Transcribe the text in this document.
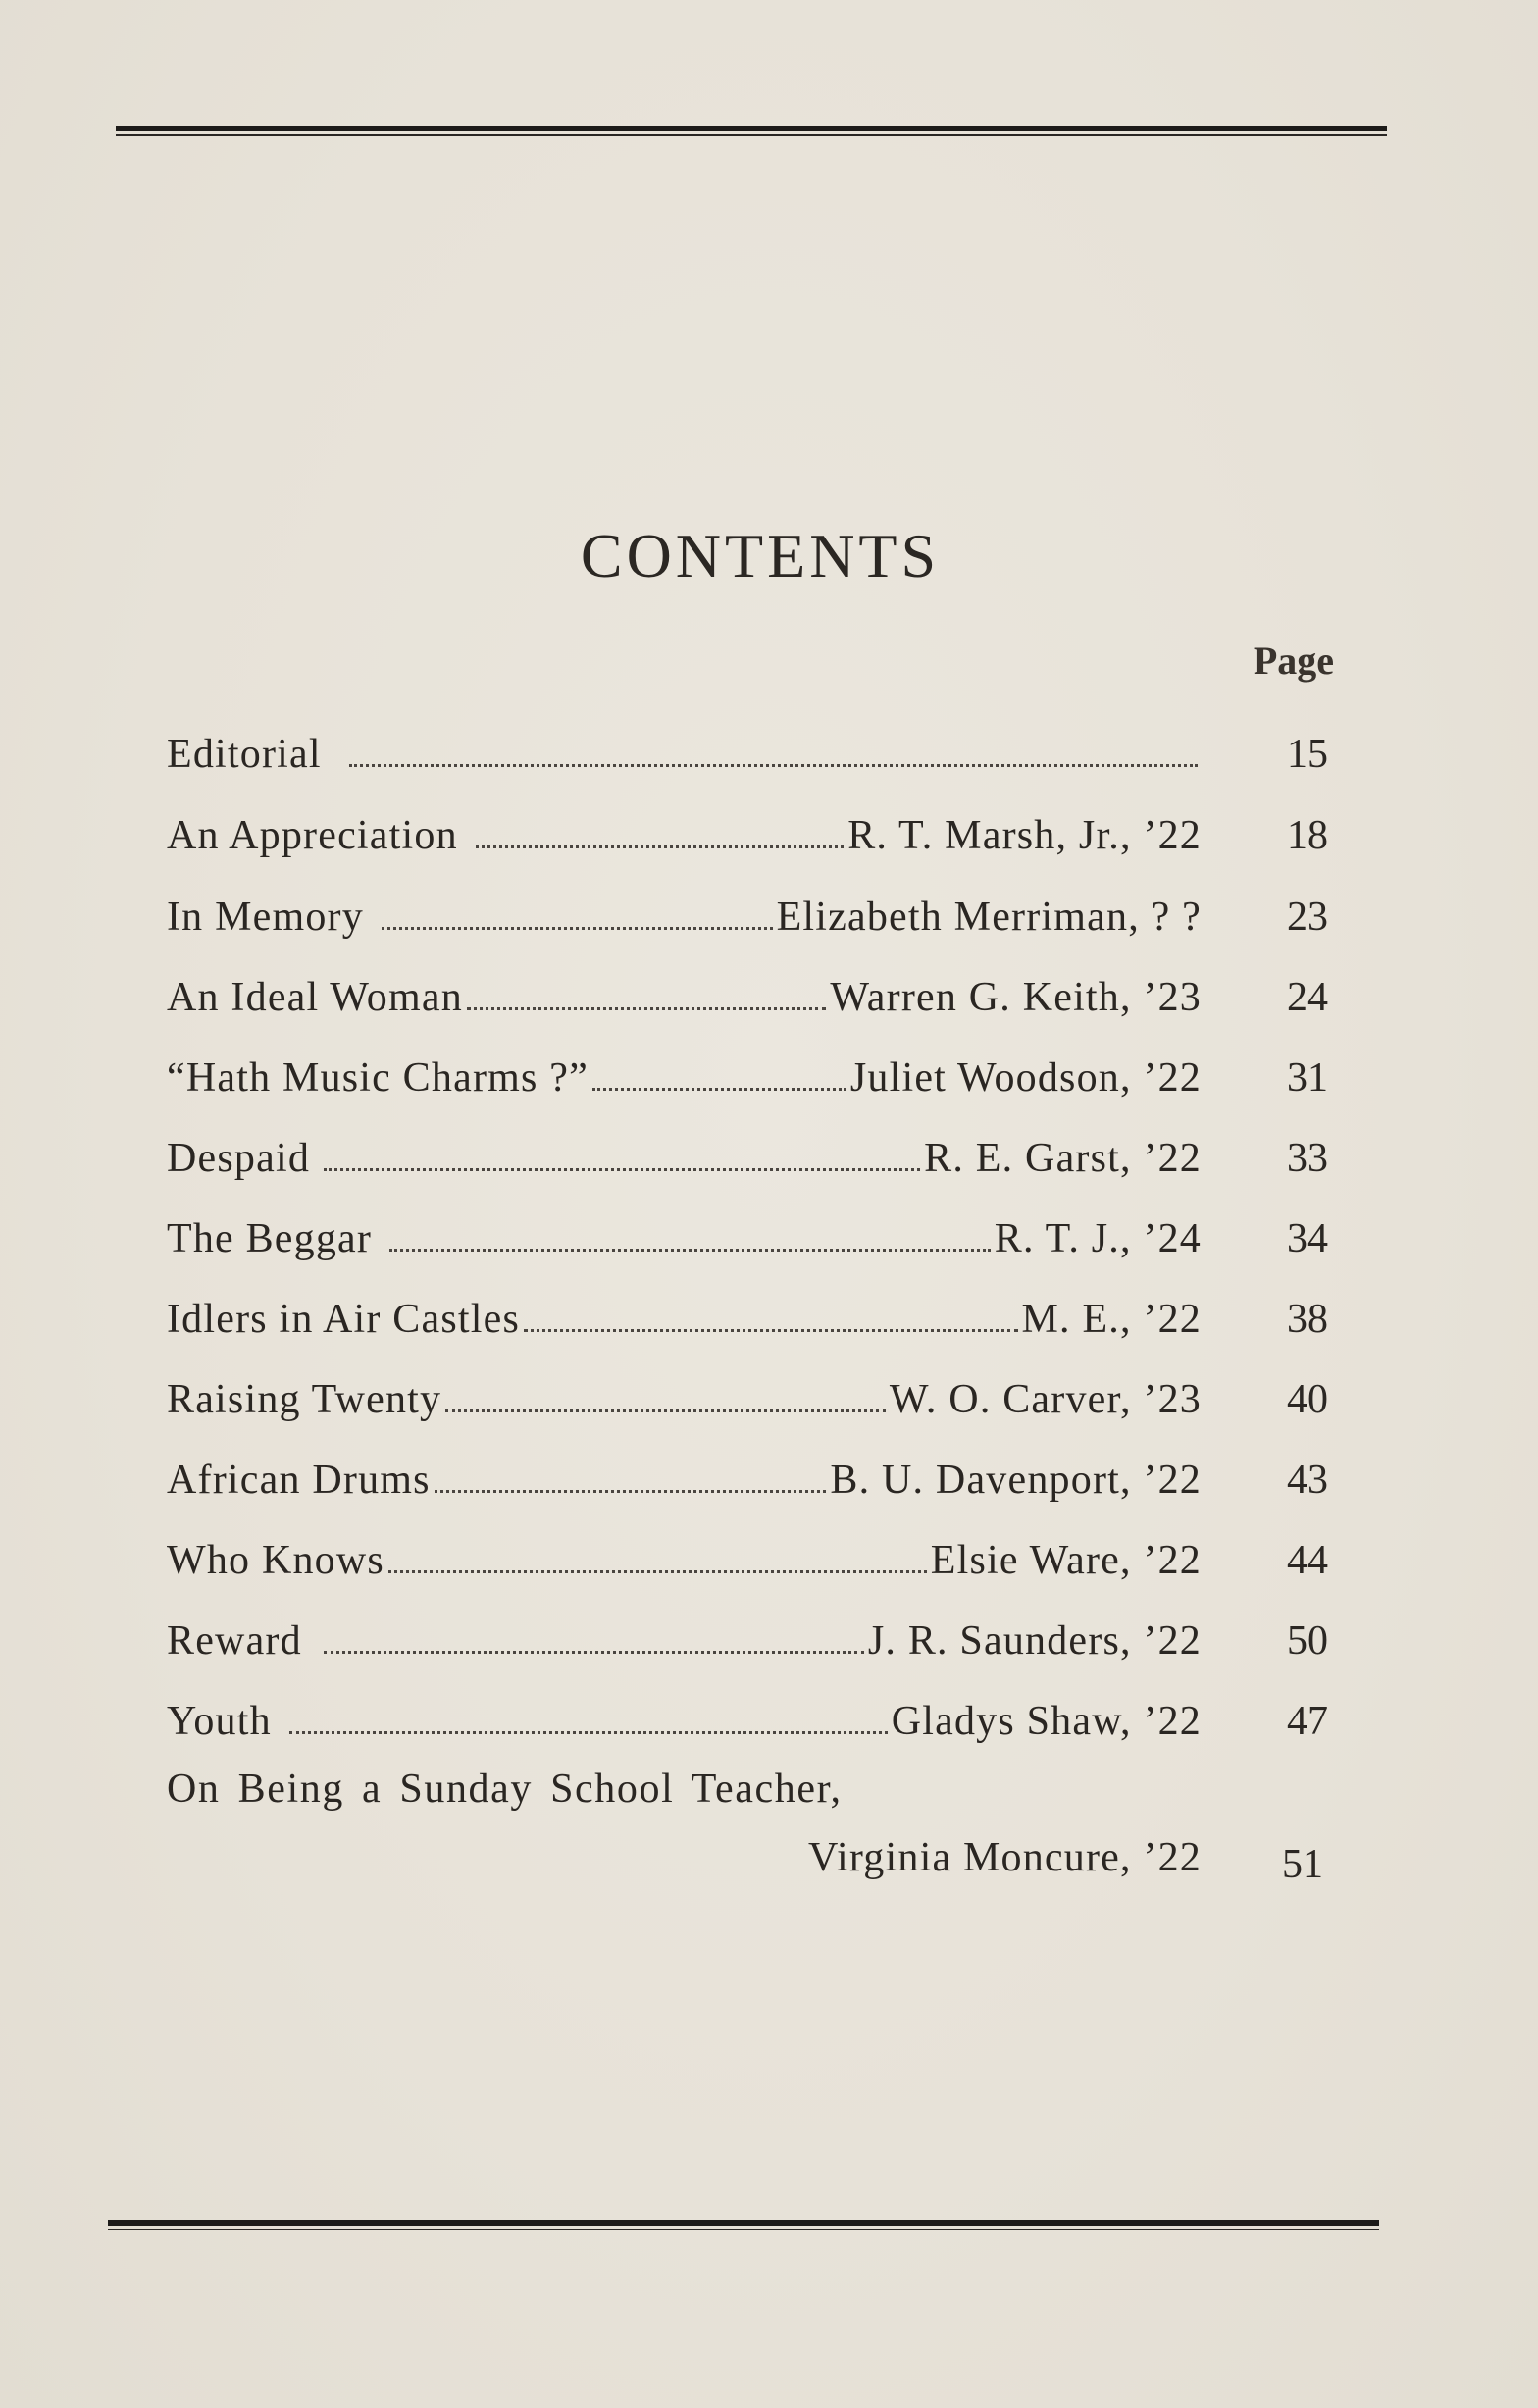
CONTENTS
Page
Editorial	15
An Appreciation	R. T. Marsh, Jr., ’22	18
In Memory	Elizabeth Merriman, ? ?	23
An Ideal Woman	Warren G. Keith, ’23	24
“Hath Music Charms ?”	Juliet Woodson, ’22	31
Despaid	R. E. Garst, ’22	33
The Beggar	R. T. J., ’24	34
Idlers in Air Castles	M. E., ’22	38
Raising Twenty	W. O. Carver, ’23	40
African Drums	B. U. Davenport, ’22	43
Who Knows	Elsie Ware, ’22	44
Reward	J. R. Saunders, ’22	50
Youth	Gladys Shaw, ’22	47
On Being a Sunday School Teacher,
Virginia Moncure, ’22	51
